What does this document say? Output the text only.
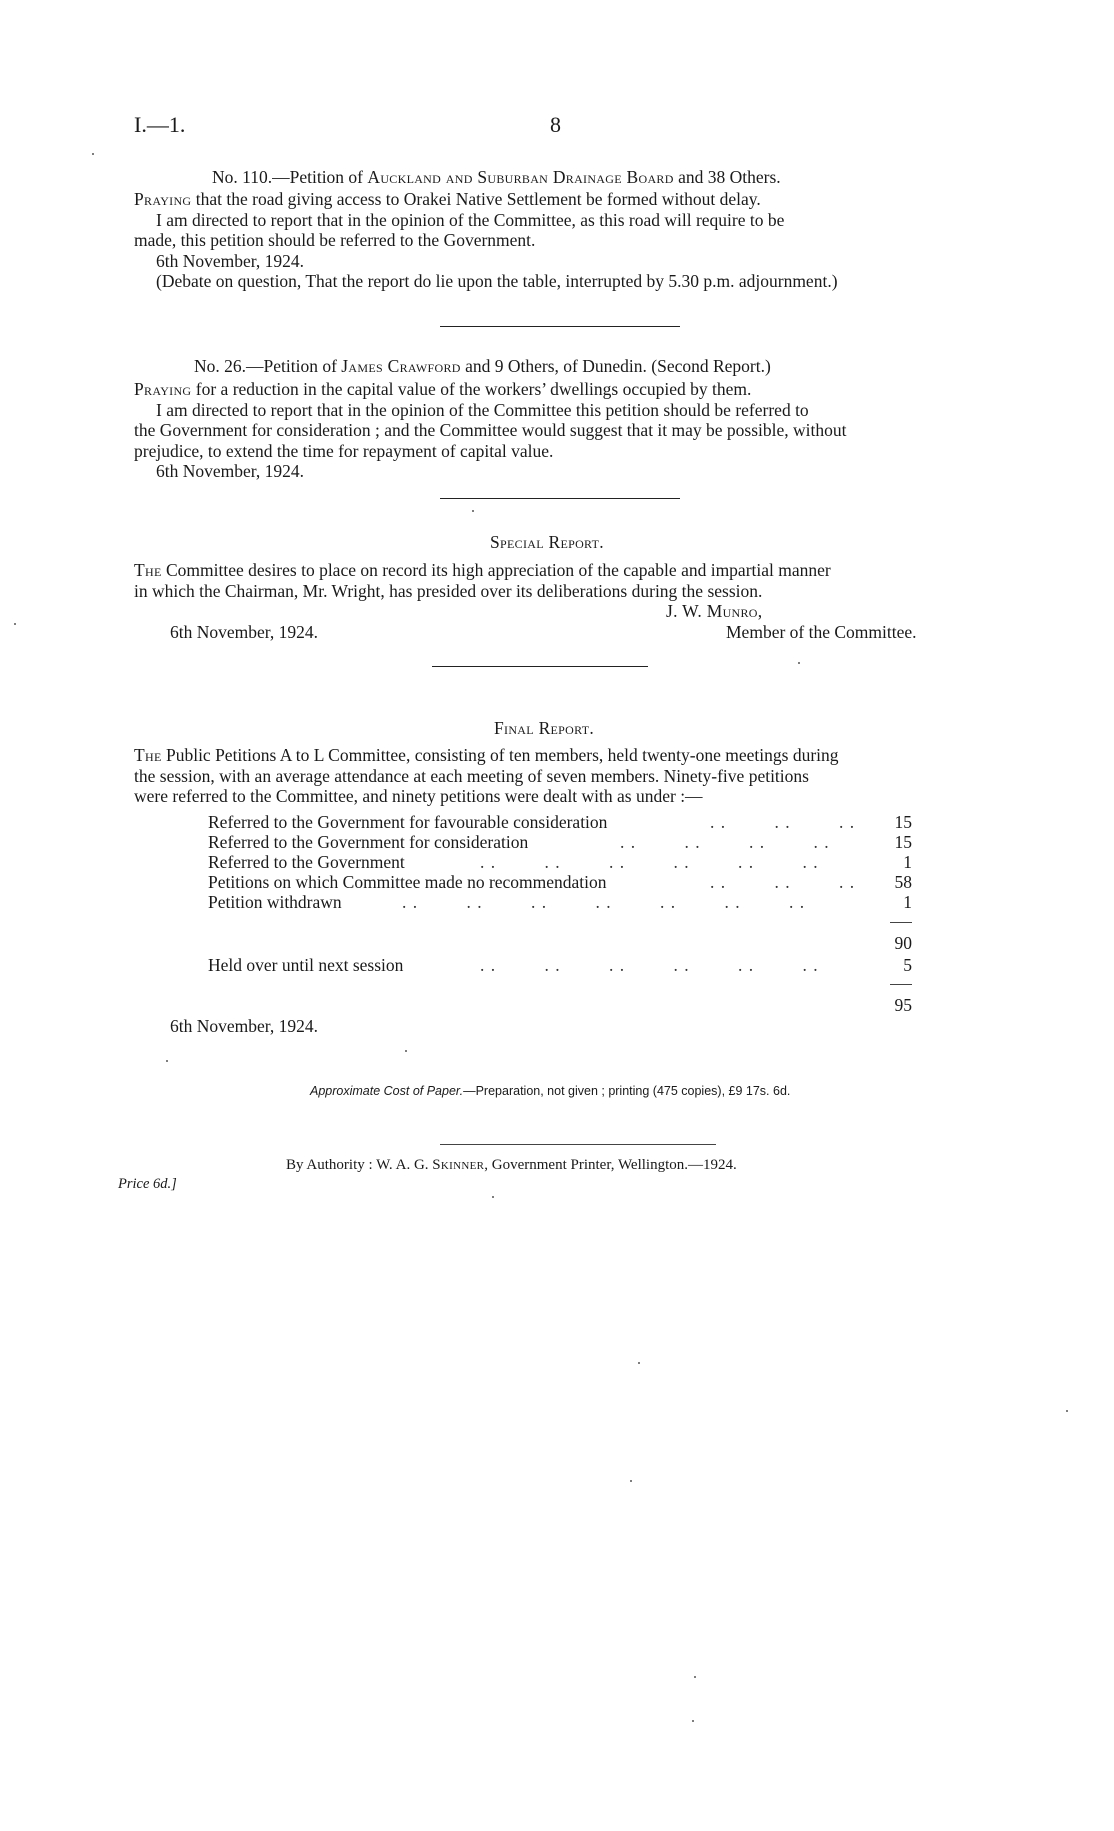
I.—1.	8
No. 110.—Petition of Auckland and Suburban Drainage Board and 38 Others.
Praying that the road giving access to Orakei Native Settlement be formed without delay.
I am directed to report that in the opinion of the Committee, as this road will require to be
made, this petition should be referred to the Government.
6th November, 1924.
(Debate on question, That the report do lie upon the table, interrupted by 5.30 p.m. adjournment.)
No. 26.—Petition of James Crawford and 9 Others, of Dunedin. (Second Report.)
Praying for a reduction in the capital value of the workers’ dwellings occupied by them.
I am directed to report that in the opinion of the Committee this petition should be referred to
the Government for consideration ; and the Committee would suggest that it may be possible, without
prejudice, to extend the time for repayment of capital value.
6th November, 1924.
Special Report.
The Committee desires to place on record its high appreciation of the capable and impartial manner
in which the Chairman, Mr. Wright, has presided over its deliberations during the session.
J. W. Munro,
6th November, 1924.	Member of the Committee.
Final Report.
The Public Petitions A to L Committee, consisting of ten members, held twenty-one meetings during
the session, with an average attendance at each meeting of seven members. Ninety-five petitions
were referred to the Committee, and ninety petitions were dealt with as under :—
Referred to the Government for favourable consideration	. .         . .         . .	15
Referred to the Government for consideration	. .         . .         . .         . .	15
Referred to the Government	. .         . .         . .         . .         . .         . .	1
Petitions on which Committee made no recommendation	. .         . .         . .	58
Petition withdrawn	. .         . .         . .         . .         . .         . .         . .	1
90
Held over until next session	. .         . .         . .         . .         . .         . .	5
95
6th November, 1924.
Approximate Cost of Paper.—Preparation, not given ; printing (475 copies), £9 17s. 6d.
By Authority : W. A. G. Skinner, Government Printer, Wellington.—1924.
Price 6d.]
